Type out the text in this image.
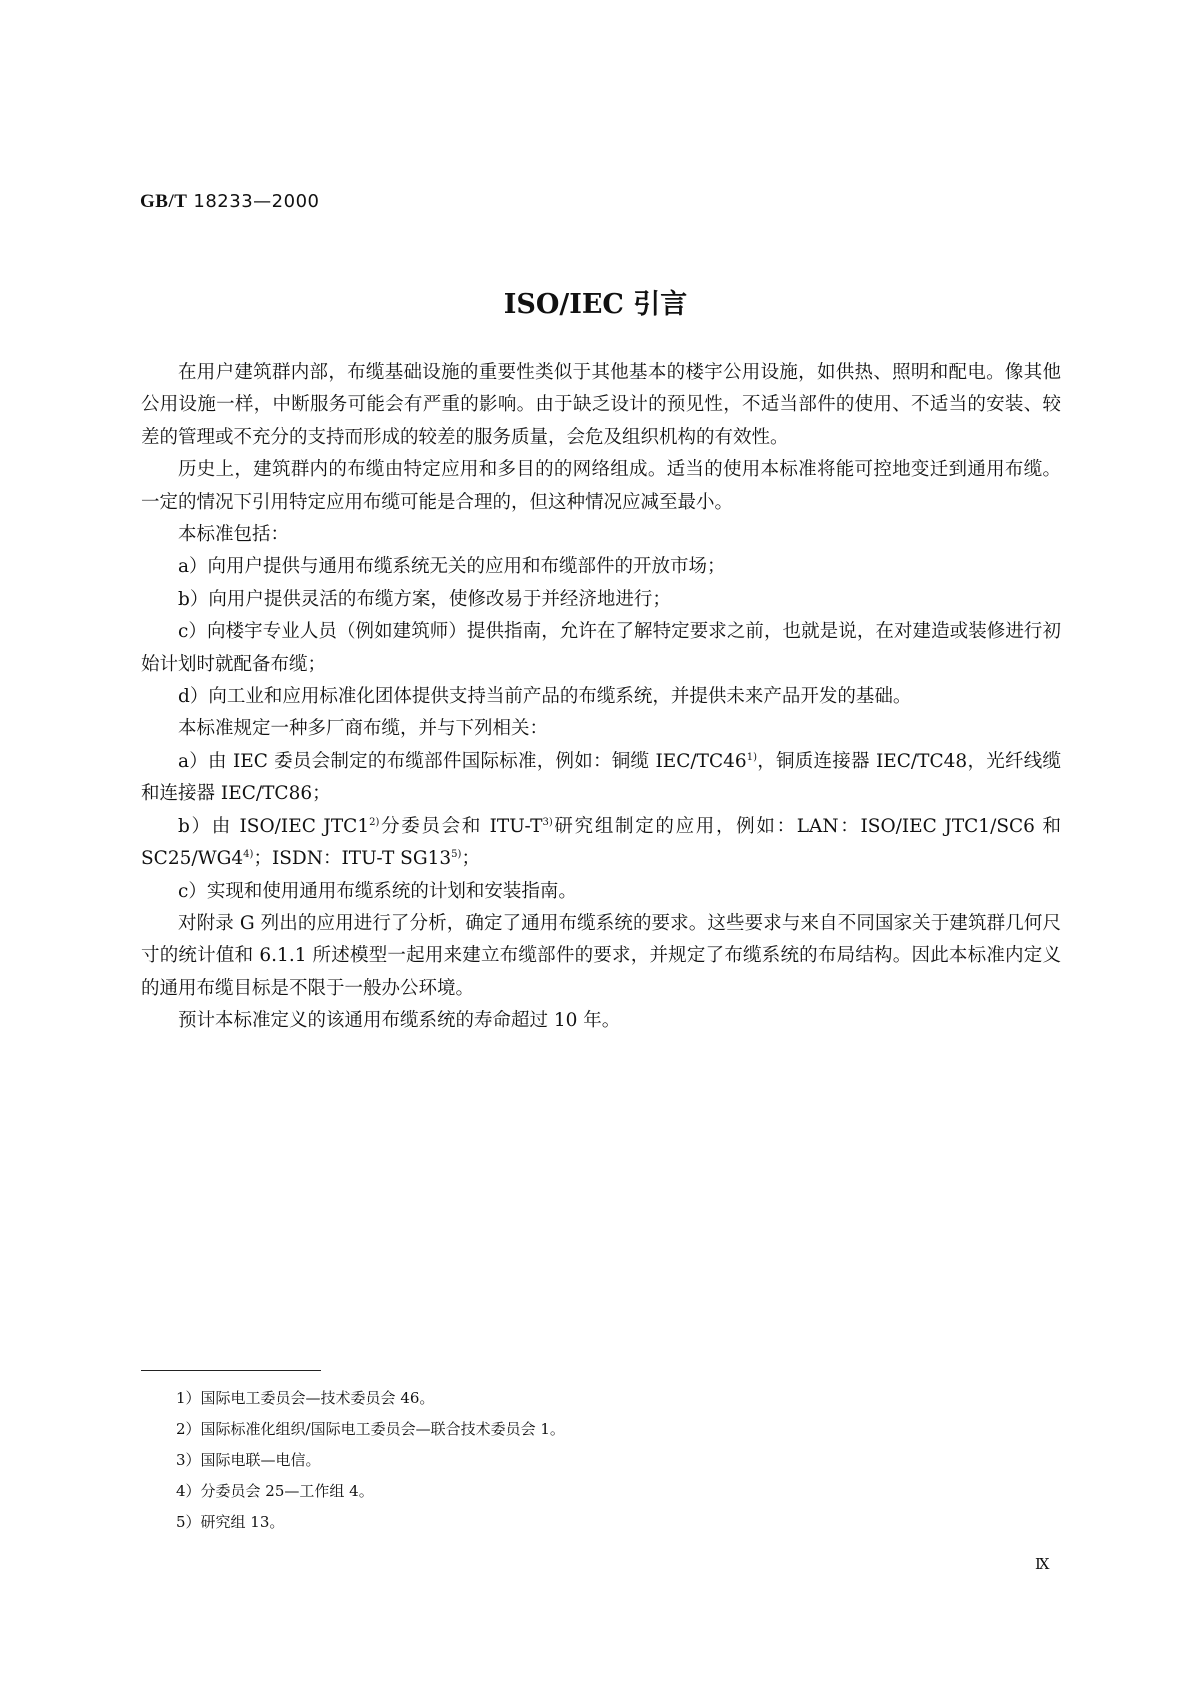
GB/T 18233—2000
ISO/IEC 引言

在用户建筑群内部，布缆基础设施的重要性类似于其他基本的楼宇公用设施，如供热、照明和配电。像其他公用设施一样，中断服务可能会有严重的影响。由于缺乏设计的预见性，不适当部件的使用、不适当的安装、较差的管理或不充分的支持而形成的较差的服务质量，会危及组织机构的有效性。

历史上，建筑群内的布缆由特定应用和多目的的网络组成。适当的使用本标准将能可控地变迁到通用布缆。一定的情况下引用特定应用布缆可能是合理的，但这种情况应减至最小。

本标准包括：

a）向用户提供与通用布缆系统无关的应用和布缆部件的开放市场；

b）向用户提供灵活的布缆方案，使修改易于并经济地进行；

c）向楼宇专业人员（例如建筑师）提供指南，允许在了解特定要求之前，也就是说，在对建造或装修进行初始计划时就配备布缆；

d）向工业和应用标准化团体提供支持当前产品的布缆系统，并提供未来产品开发的基础。

本标准规定一种多厂商布缆，并与下列相关：

a）由 IEC 委员会制定的布缆部件国际标准，例如：铜缆 IEC/TC46$^{1)}$，铜质连接器 IEC/TC48，光纤线缆和连接器 IEC/TC86；

b）由 ISO/IEC JTC1$^{2)}$分委员会和 ITU-$T^{3)}$研究组制定的应用，例如：LAN：ISO/IEC JTC1/SC6 和 SC25/WG4$^{4)}$；ISDN：ITU-T SG13$^{5)}$；

c）实现和使用通用布缆系统的计划和安装指南。

对附录 G 列出的应用进行了分析，确定了通用布缆系统的要求。这些要求与来自不同国家关于建筑群几何尺寸的统计值和 6.1.1 所述模型一起用来建立布缆部件的要求，并规定了布缆系统的布局结构。因此本标准内定义的通用布缆目标是不限于一般办公环境。

预计本标准定义的该通用布缆系统的寿命超过 10 年。

1）国际电工委员会—技术委员会 46。
2）国际标准化组织/国际电工委员会—联合技术委员会 1。
3）国际电联—电信。
4）分委员会 25—工作组 4。
5）研究组 13。
Ⅸ
